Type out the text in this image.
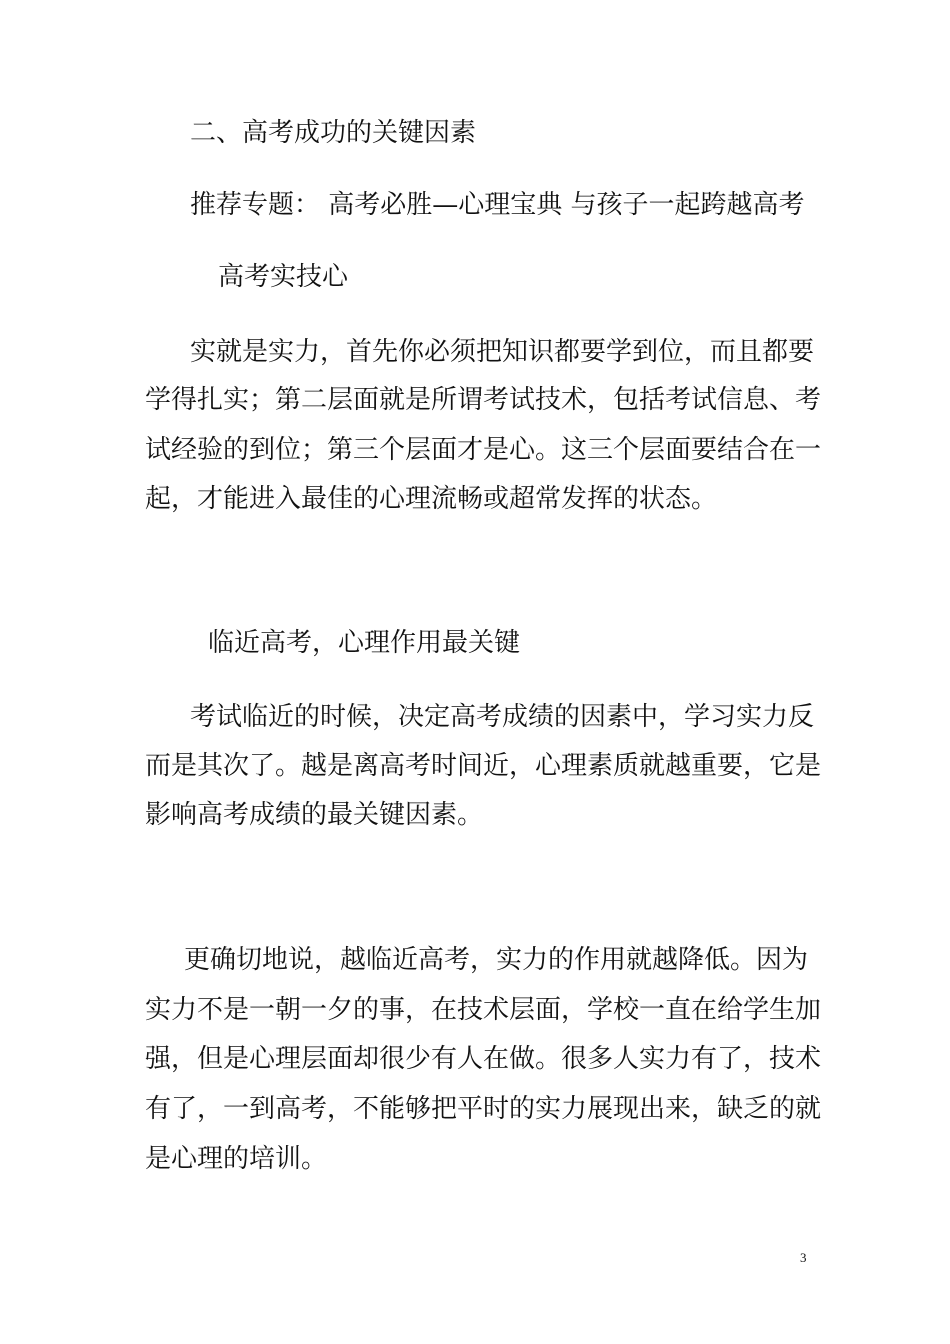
二、高考成功的关键因素
推荐专题： 高考必胜—心理宝典 与孩子一起跨越高考
高考实技心
实就是实力，首先你必须把知识都要学到位，而且都要
学得扎实；第二层面就是所谓考试技术，包括考试信息、考
试经验的到位；第三个层面才是心。这三个层面要结合在一
起，才能进入最佳的心理流畅或超常发挥的状态。
临近高考，心理作用最关键
考试临近的时候，决定高考成绩的因素中，学习实力反
而是其次了。越是离高考时间近，心理素质就越重要，它是
影响高考成绩的最关键因素。
更确切地说，越临近高考，实力的作用就越降低。因为
实力不是一朝一夕的事，在技术层面，学校一直在给学生加
强，但是心理层面却很少有人在做。很多人实力有了，技术
有了，一到高考，不能够把平时的实力展现出来，缺乏的就
是心理的培训。
3
